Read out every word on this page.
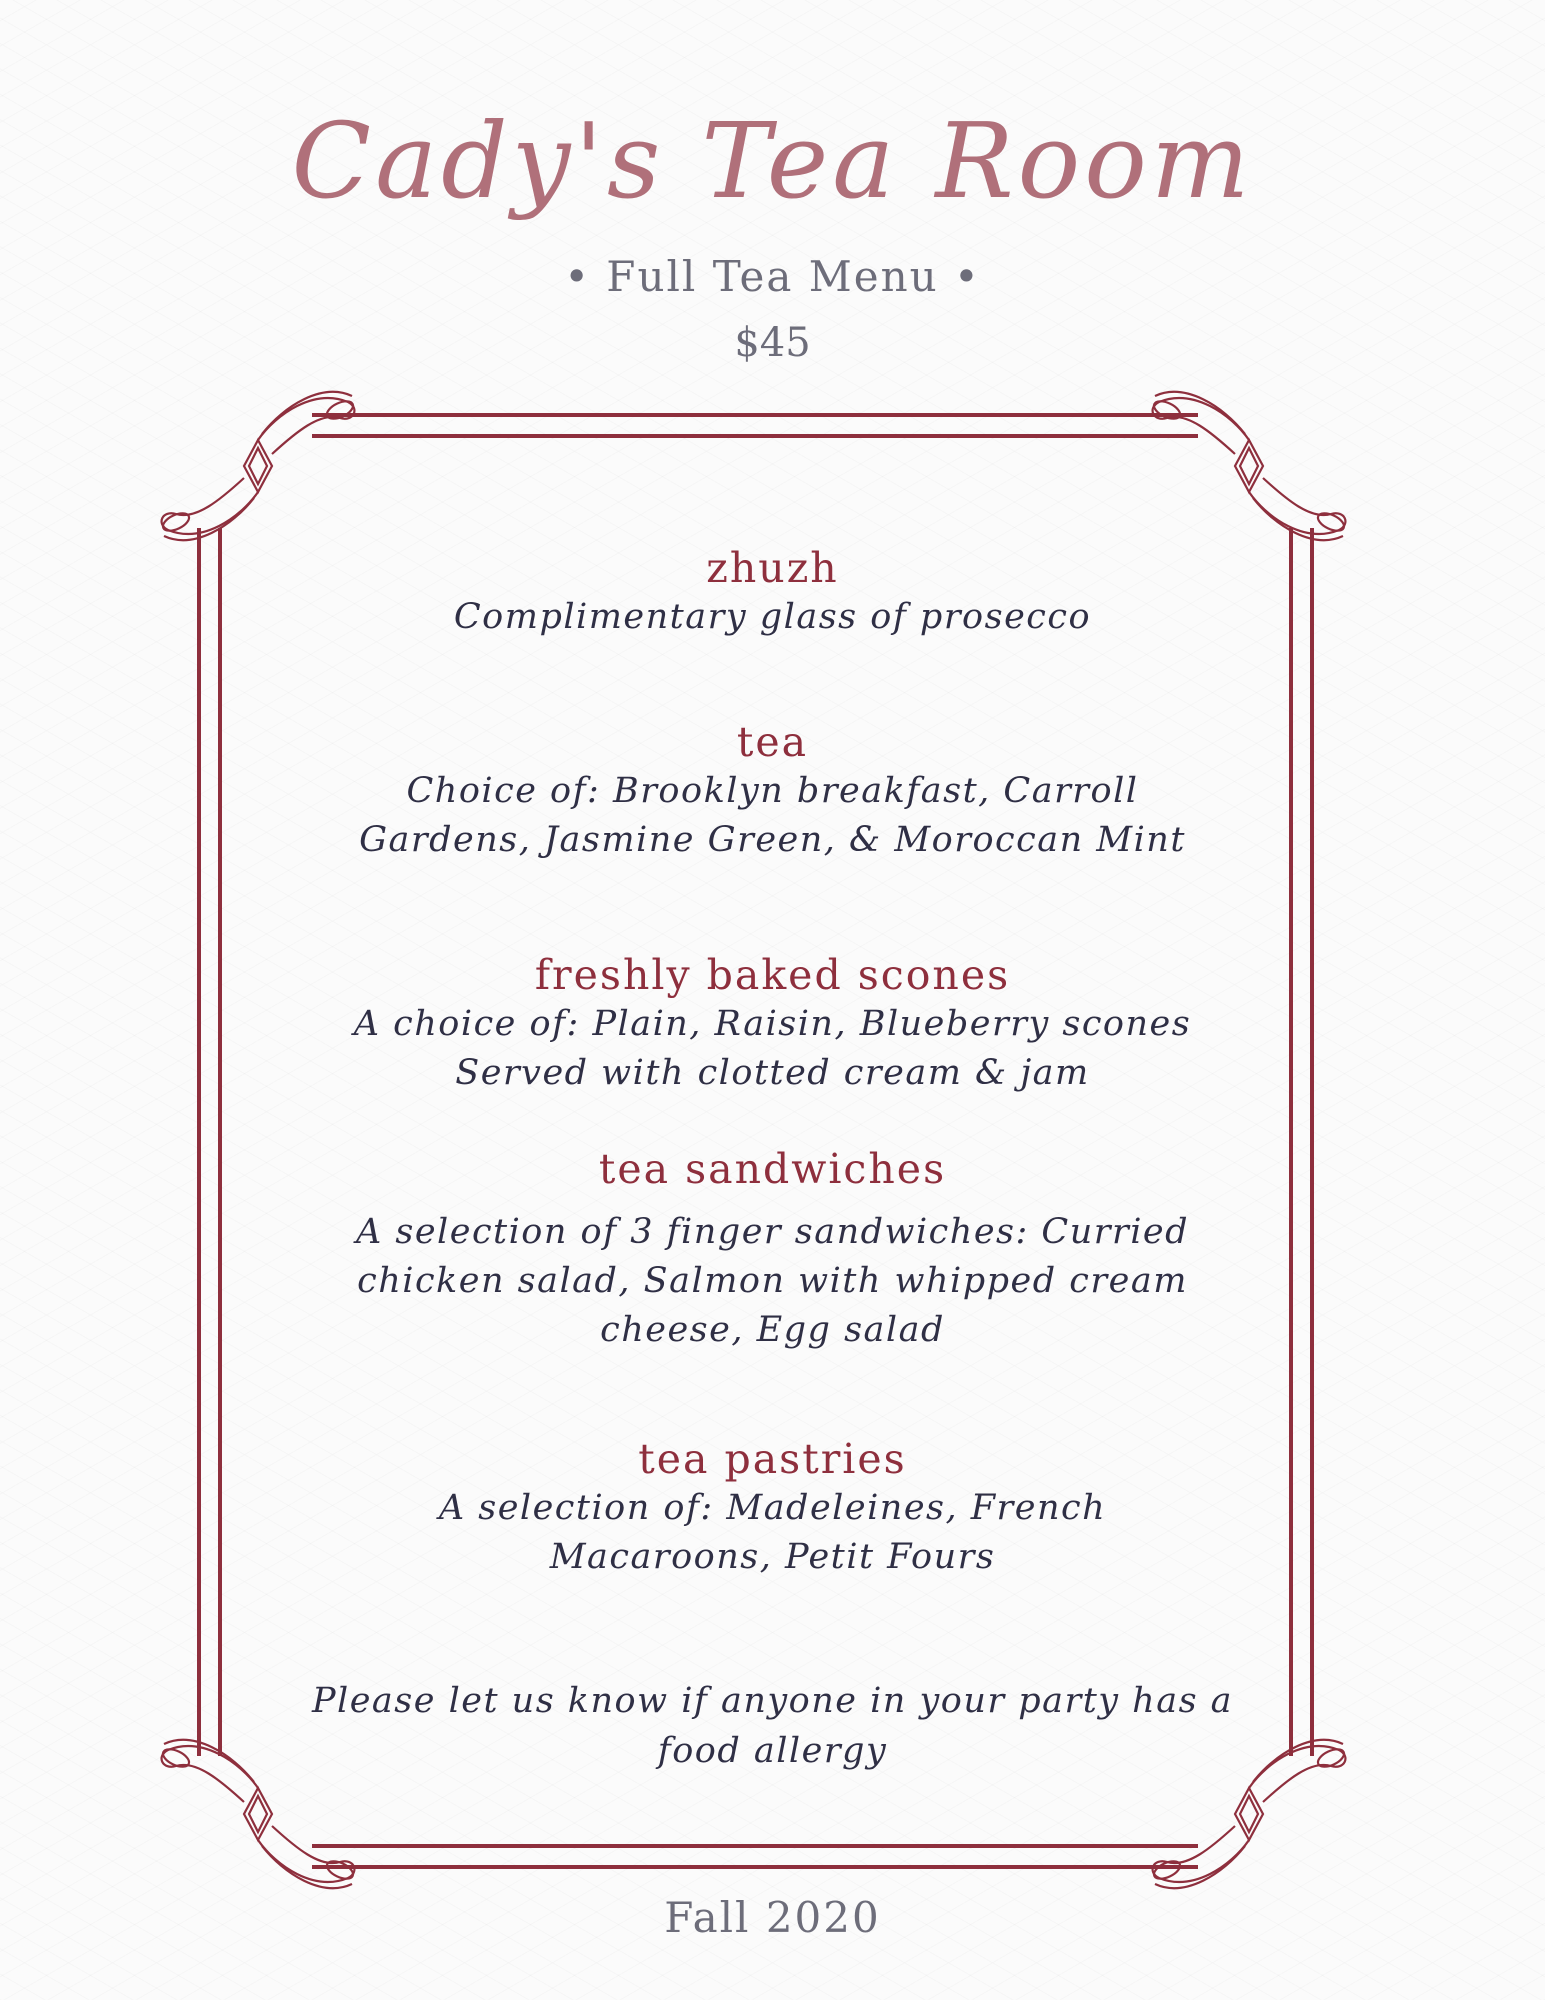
Cady's Tea Room
• Full Tea Menu •
$45
zhuzh
Complimentary glass of prosecco
tea
Choice of: Brooklyn breakfast, Carroll
Gardens, Jasmine Green, & Moroccan Mint
freshly baked scones
A choice of: Plain, Raisin, Blueberry scones
Served with clotted cream & jam
tea sandwiches
A selection of 3 finger sandwiches: Curried
chicken salad, Salmon with whipped cream
cheese, Egg salad
tea pastries
A selection of: Madeleines, French
Macaroons, Petit Fours
Please let us know if anyone in your party has a food allergy
Fall 2020
